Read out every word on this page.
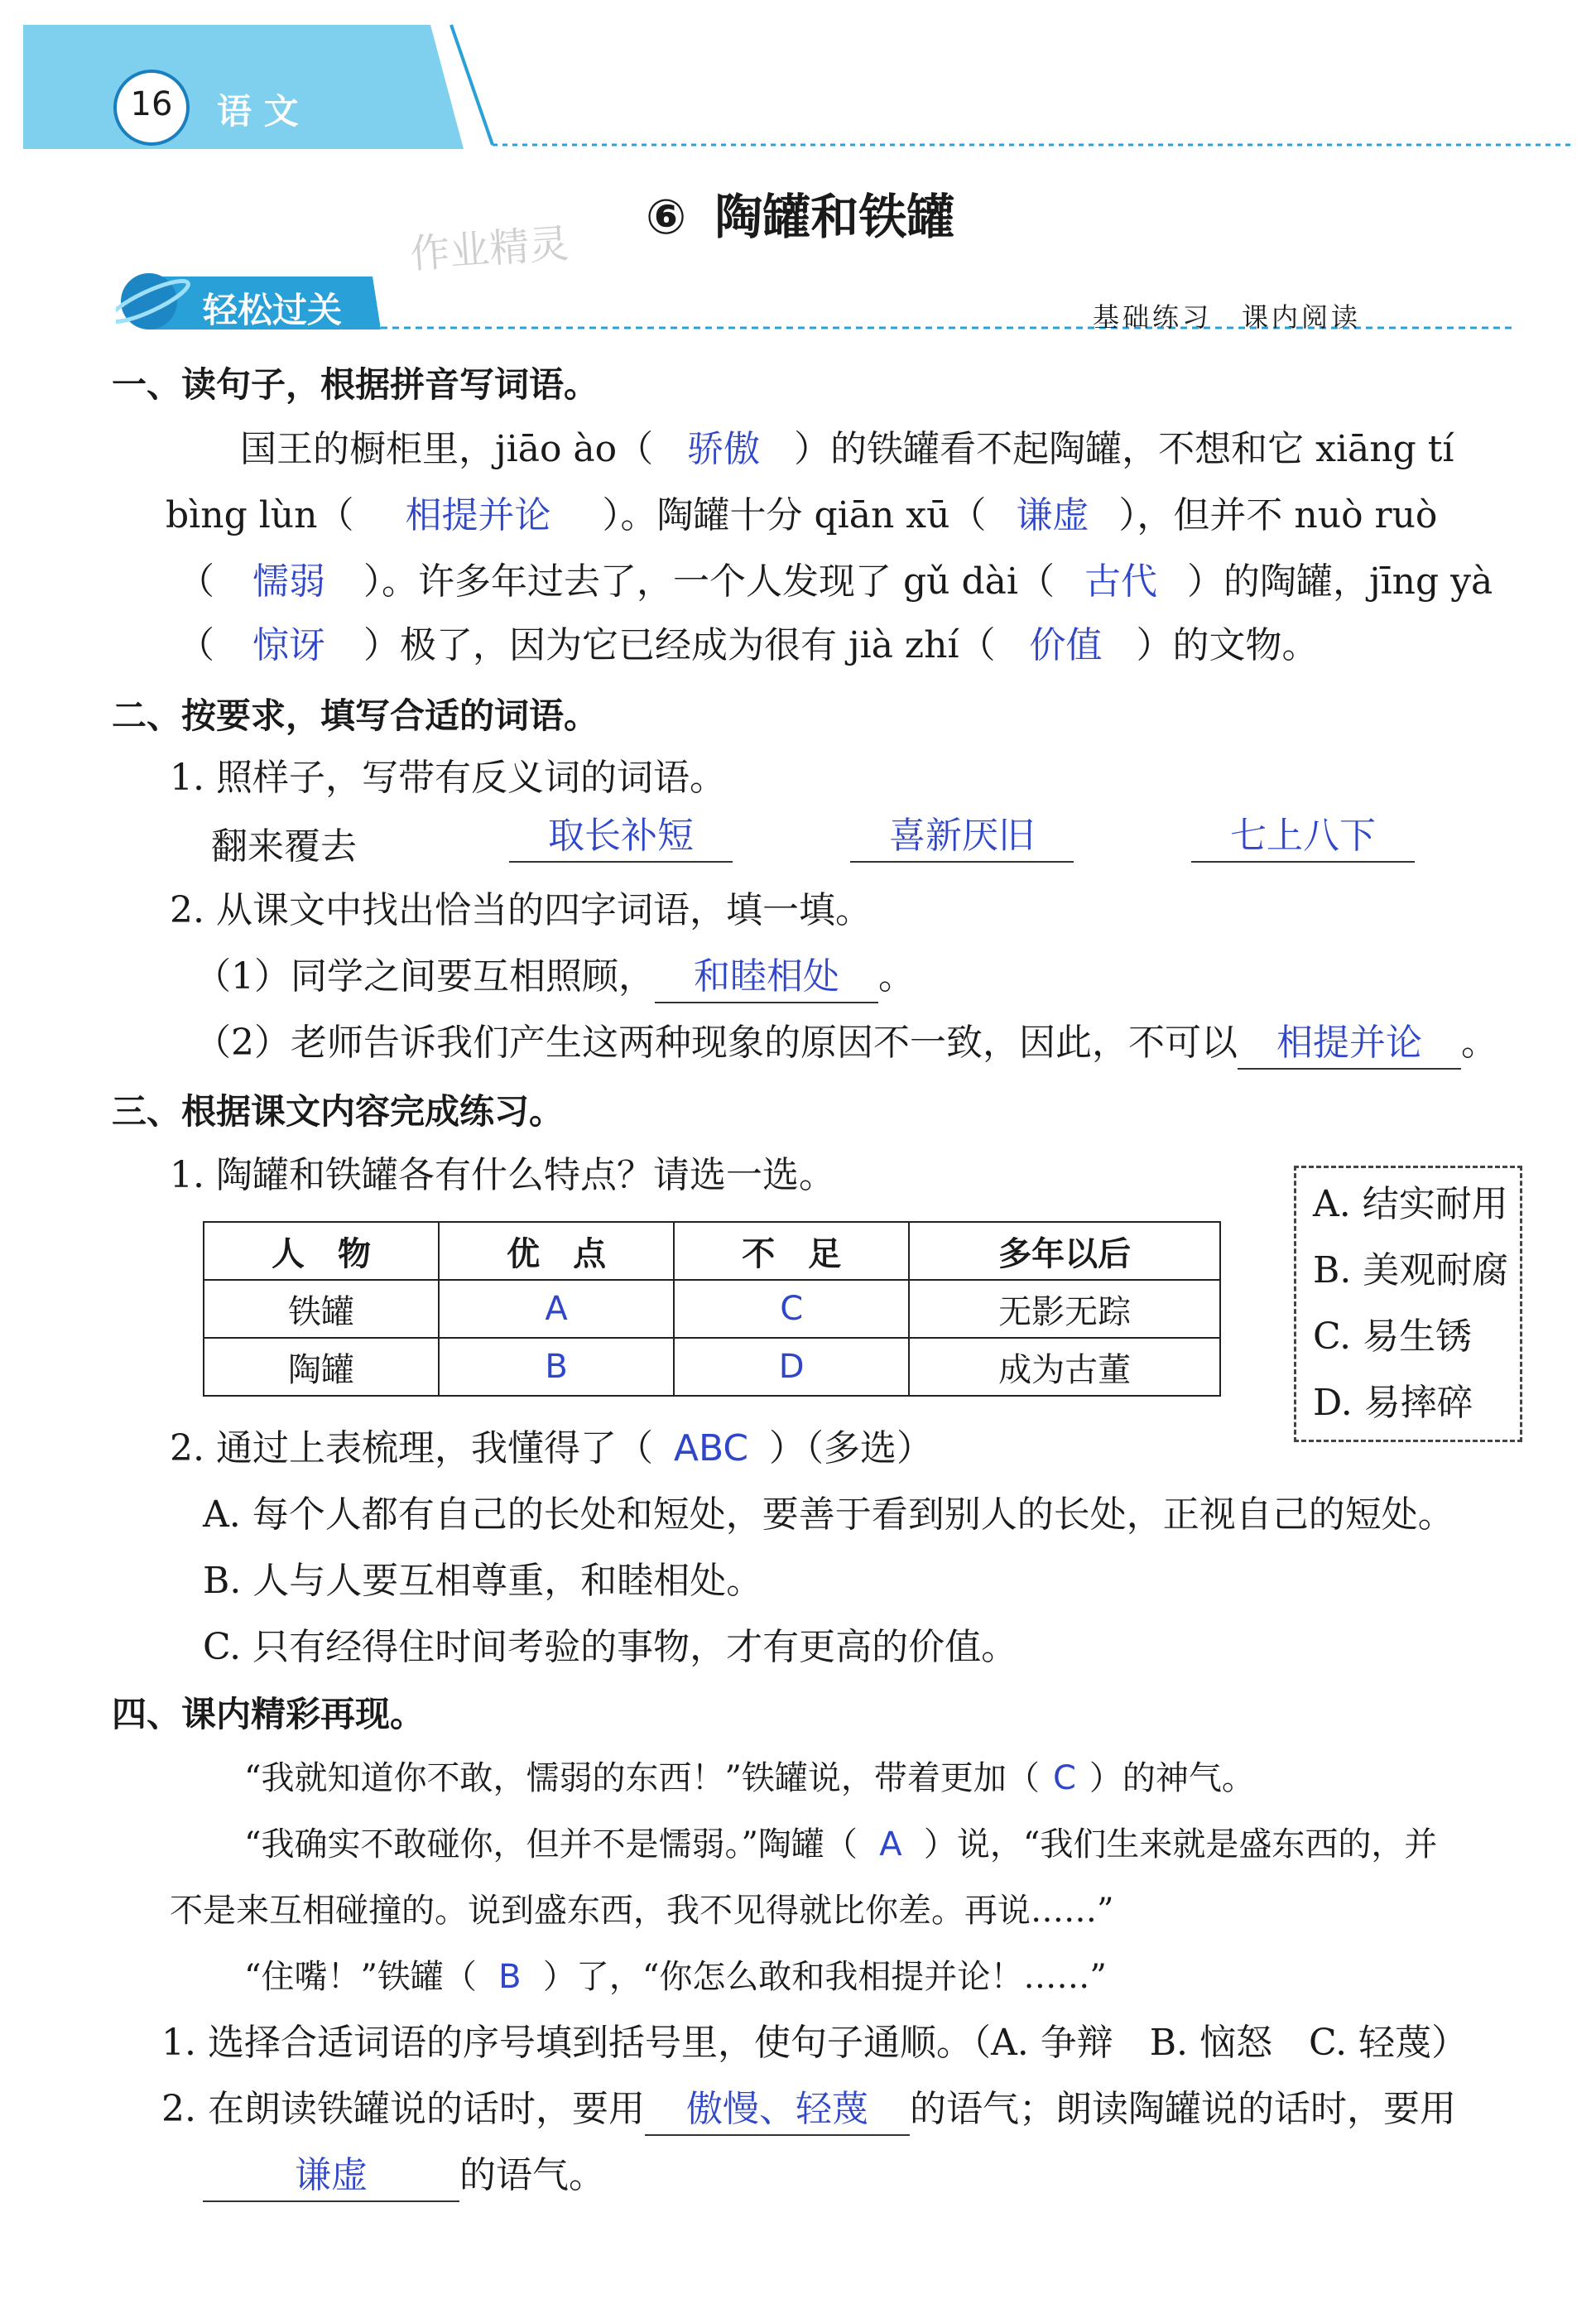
16 语 文
⑥ 陶罐和铁罐
作业精灵
轻松过关	基础练习　课内阅读
一、读句子，根据拼音写词语。
国王的橱柜里，jiāo ào（ 骄傲 ）的铁罐看不起陶罐，不想和它 xiāng tí
bìng lùn（ 相提并论 ）。陶罐十分 qiān xū（ 谦虚 ），但并不 nuò ruò
（ 懦弱 ）。许多年过去了，一个人发现了 gǔ dài（ 古代 ）的陶罐，jīng yà
（ 惊讶 ）极了，因为它已经成为很有 jià zhí（ 价值 ）的文物。
二、按要求，填写合适的词语。
1. 照样子，写带有反义词的词语。
翻来覆去	取长补短	喜新厌旧	七上八下
2. 从课文中找出恰当的四字词语，填一填。
（1）同学之间要互相照顾， 和睦相处 。
（2）老师告诉我们产生这两种现象的原因不一致，因此，不可以 相提并论 。
三、根据课文内容完成练习。
1. 陶罐和铁罐各有什么特点？请选一选。
人　物	优　点	不　足	多年以后
铁罐	A	C	无影无踪
陶罐	B	D	成为古董
A. 结实耐用
B. 美观耐腐
C. 易生锈
D. 易摔碎
2. 通过上表梳理，我懂得了（ ABC ）（多选）
A. 每个人都有自己的长处和短处，要善于看到别人的长处，正视自己的短处。
B. 人与人要互相尊重，和睦相处。
C. 只有经得住时间考验的事物，才有更高的价值。
四、课内精彩再现。
“我就知道你不敢，懦弱的东西！”铁罐说，带着更加（ C ）的神气。
“我确实不敢碰你，但并不是懦弱。”陶罐（ A ）说，“我们生来就是盛东西的，并
不是来互相碰撞的。说到盛东西，我不见得就比你差。再说……”
“住嘴！”铁罐（ B ）了，“你怎么敢和我相提并论！……”
1. 选择合适词语的序号填到括号里，使句子通顺。（A. 争辩　B. 恼怒　C. 轻蔑）
2. 在朗读铁罐说的话时，要用 傲慢、轻蔑 的语气；朗读陶罐说的话时，要用
谦虚	的语气。
